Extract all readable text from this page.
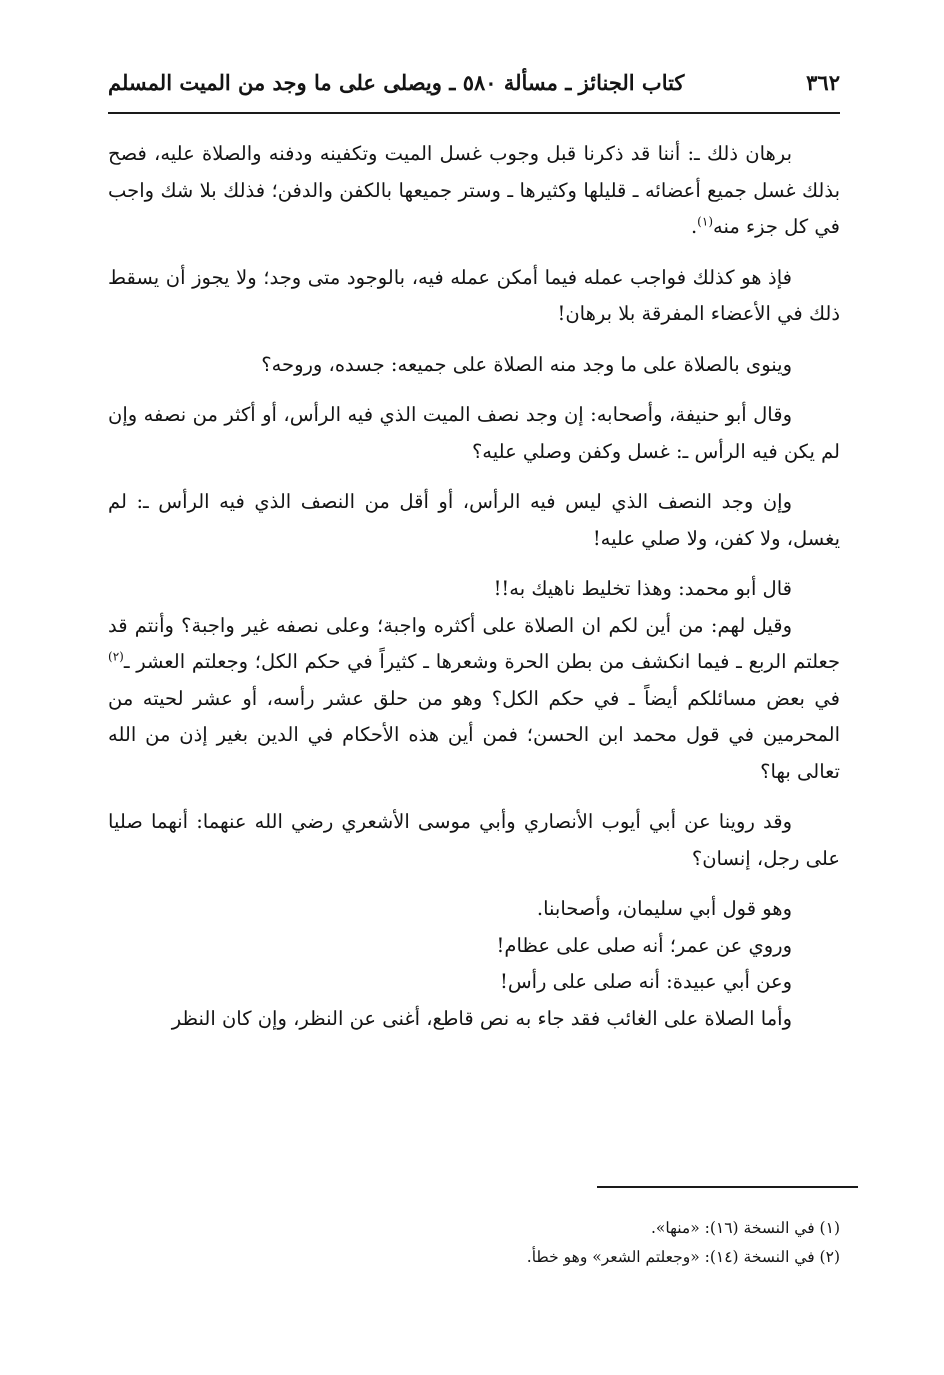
٣٦٢
كتاب الجنائز ـ مسألة ٥٨٠ ـ ويصلى على ما وجد من الميت المسلم

برهان ذلك ـ: أننا قد ذكرنا قبل وجوب غسل الميت وتكفينه ودفنه والصلاة عليه، فصح بذلك غسل جميع أعضائه ـ قليلها وكثيرها ـ وستر جميعها بالكفن والدفن؛ فذلك بلا شك واجب في كل جزء منه$^{(١)}$.

فإذ هو كذلك فواجب عمله فيما أمكن عمله فيه، بالوجود متى وجد؛ ولا يجوز أن يسقط ذلك في الأعضاء المفرقة بلا برهان!

وينوى بالصلاة على ما وجد منه الصلاة على جميعه: جسده، وروحه؟

وقال أبو حنيفة، وأصحابه: إن وجد نصف الميت الذي فيه الرأس، أو أكثر من نصفه وإن لم يكن فيه الرأس ـ: غسل وكفن وصلي عليه؟

وإن وجد النصف الذي ليس فيه الرأس، أو أقل من النصف الذي فيه الرأس ـ: لم يغسل، ولا كفن، ولا صلي عليه!

قال أبو محمد: وهذا تخليط ناهيك به!!

وقيل لهم: من أين لكم ان الصلاة على أكثره واجبة؛ وعلى نصفه غير واجبة؟ وأنتم قد جعلتم الربع ـ فيما انكشف من بطن الحرة وشعرها ـ كثيراً في حكم الكل؛ وجعلتم العشر ـ$^{(٢)}$ في بعض مسائلكم أيضاً ـ في حكم الكل؟ وهو من حلق عشر رأسه، أو عشر لحيته من المحرمين في قول محمد ابن الحسن؛ فمن أين هذه الأحكام في الدين بغير إذن من الله تعالى بها؟

وقد روينا عن أبي أيوب الأنصاري وأبي موسى الأشعري رضي الله عنهما: أنهما صليا على رجل، إنسان؟

وهو قول أبي سليمان، وأصحابنا.

وروي عن عمر؛ أنه صلى على عظام!

وعن أبي عبيدة: أنه صلى على رأس!

وأما الصلاة على الغائب فقد جاء به نص قاطع، أغنى عن النظر، وإن كان النظر

(١) في النسخة (١٦): «منها».

(٢) في النسخة (١٤): «وجعلتم الشعر» وهو خطأ.
